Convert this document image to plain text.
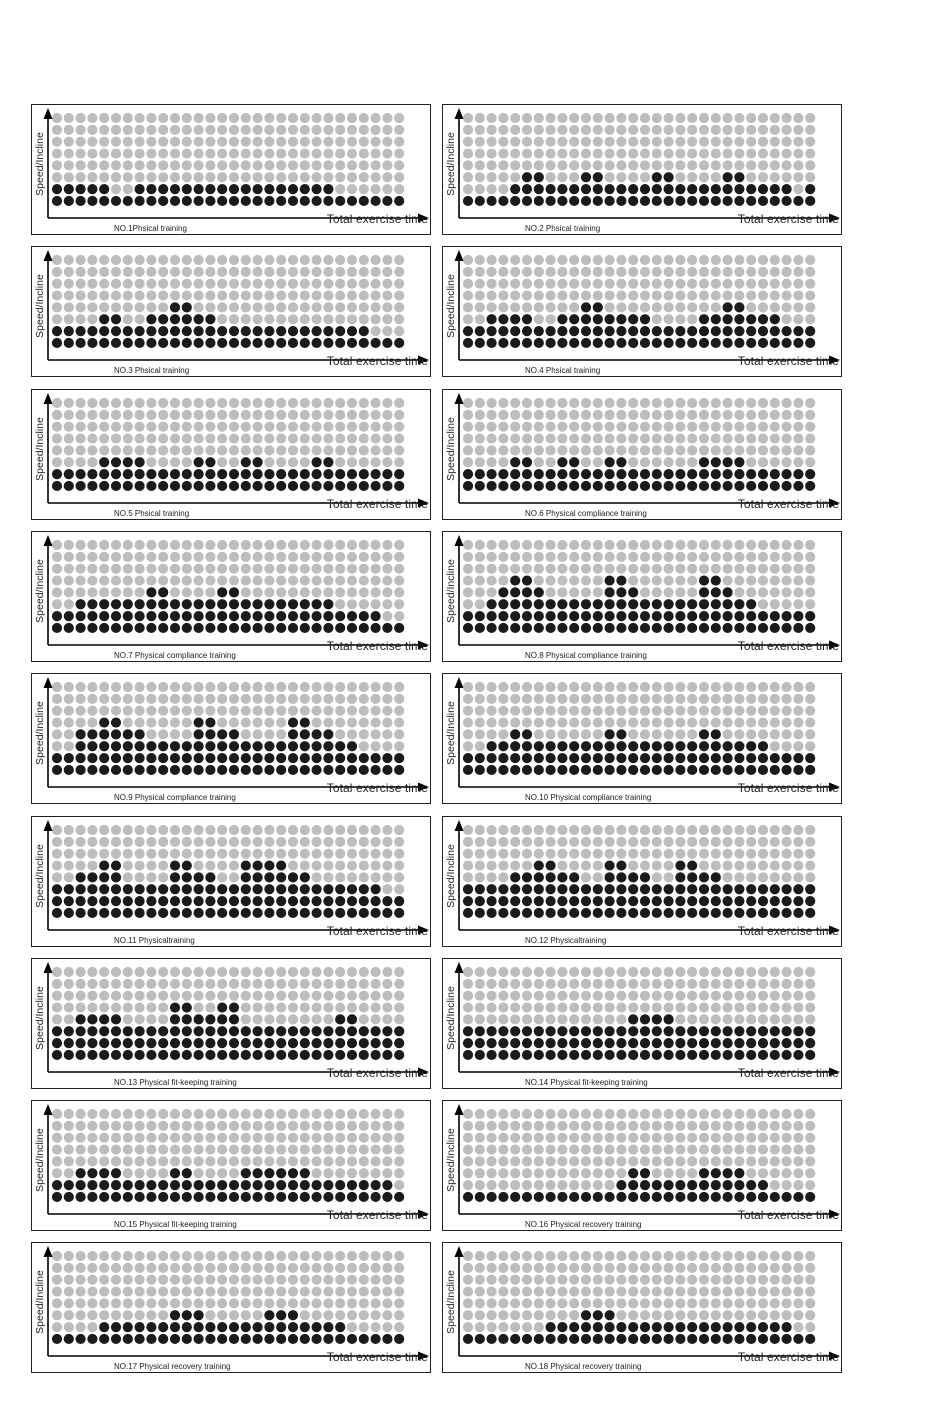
Speed/Incline
Total exercise time
NO.1Phsical training
Speed/Incline
Total exercise time
NO.2 Phsical training
Speed/Incline
Total exercise time
NO.3 Phsical training
Speed/Incline
Total exercise time
NO.4 Phsical training
Speed/Incline
Total exercise time
NO.5 Phsical training
Speed/Incline
Total exercise time
NO.6 Physical compliance training
Speed/Incline
Total exercise time
NO.7 Physical compliance training
Speed/Incline
Total exercise time
NO.8 Physical compliance training
Speed/Incline
Total exercise time
NO.9 Physical compliance training
Speed/Incline
Total exercise time
NO.10 Physical compliance training
Speed/Incline
Total exercise time
NO.11 Physicaltraining
Speed/Incline
Total exercise time
NO.12 Physicaltraining
Speed/Incline
Total exercise time
NO.13 Physical fit-keeping training
Speed/Incline
Total exercise time
NO.14 Physical fit-keeping training
Speed/Incline
Total exercise time
NO.15 Physical fit-keeping training
Speed/Incline
Total exercise time
NO.16 Physical recovery training
Speed/Incline
Total exercise time
NO.17 Physical recovery training
Speed/Incline
Total exercise time
NO.18 Physical recovery training
